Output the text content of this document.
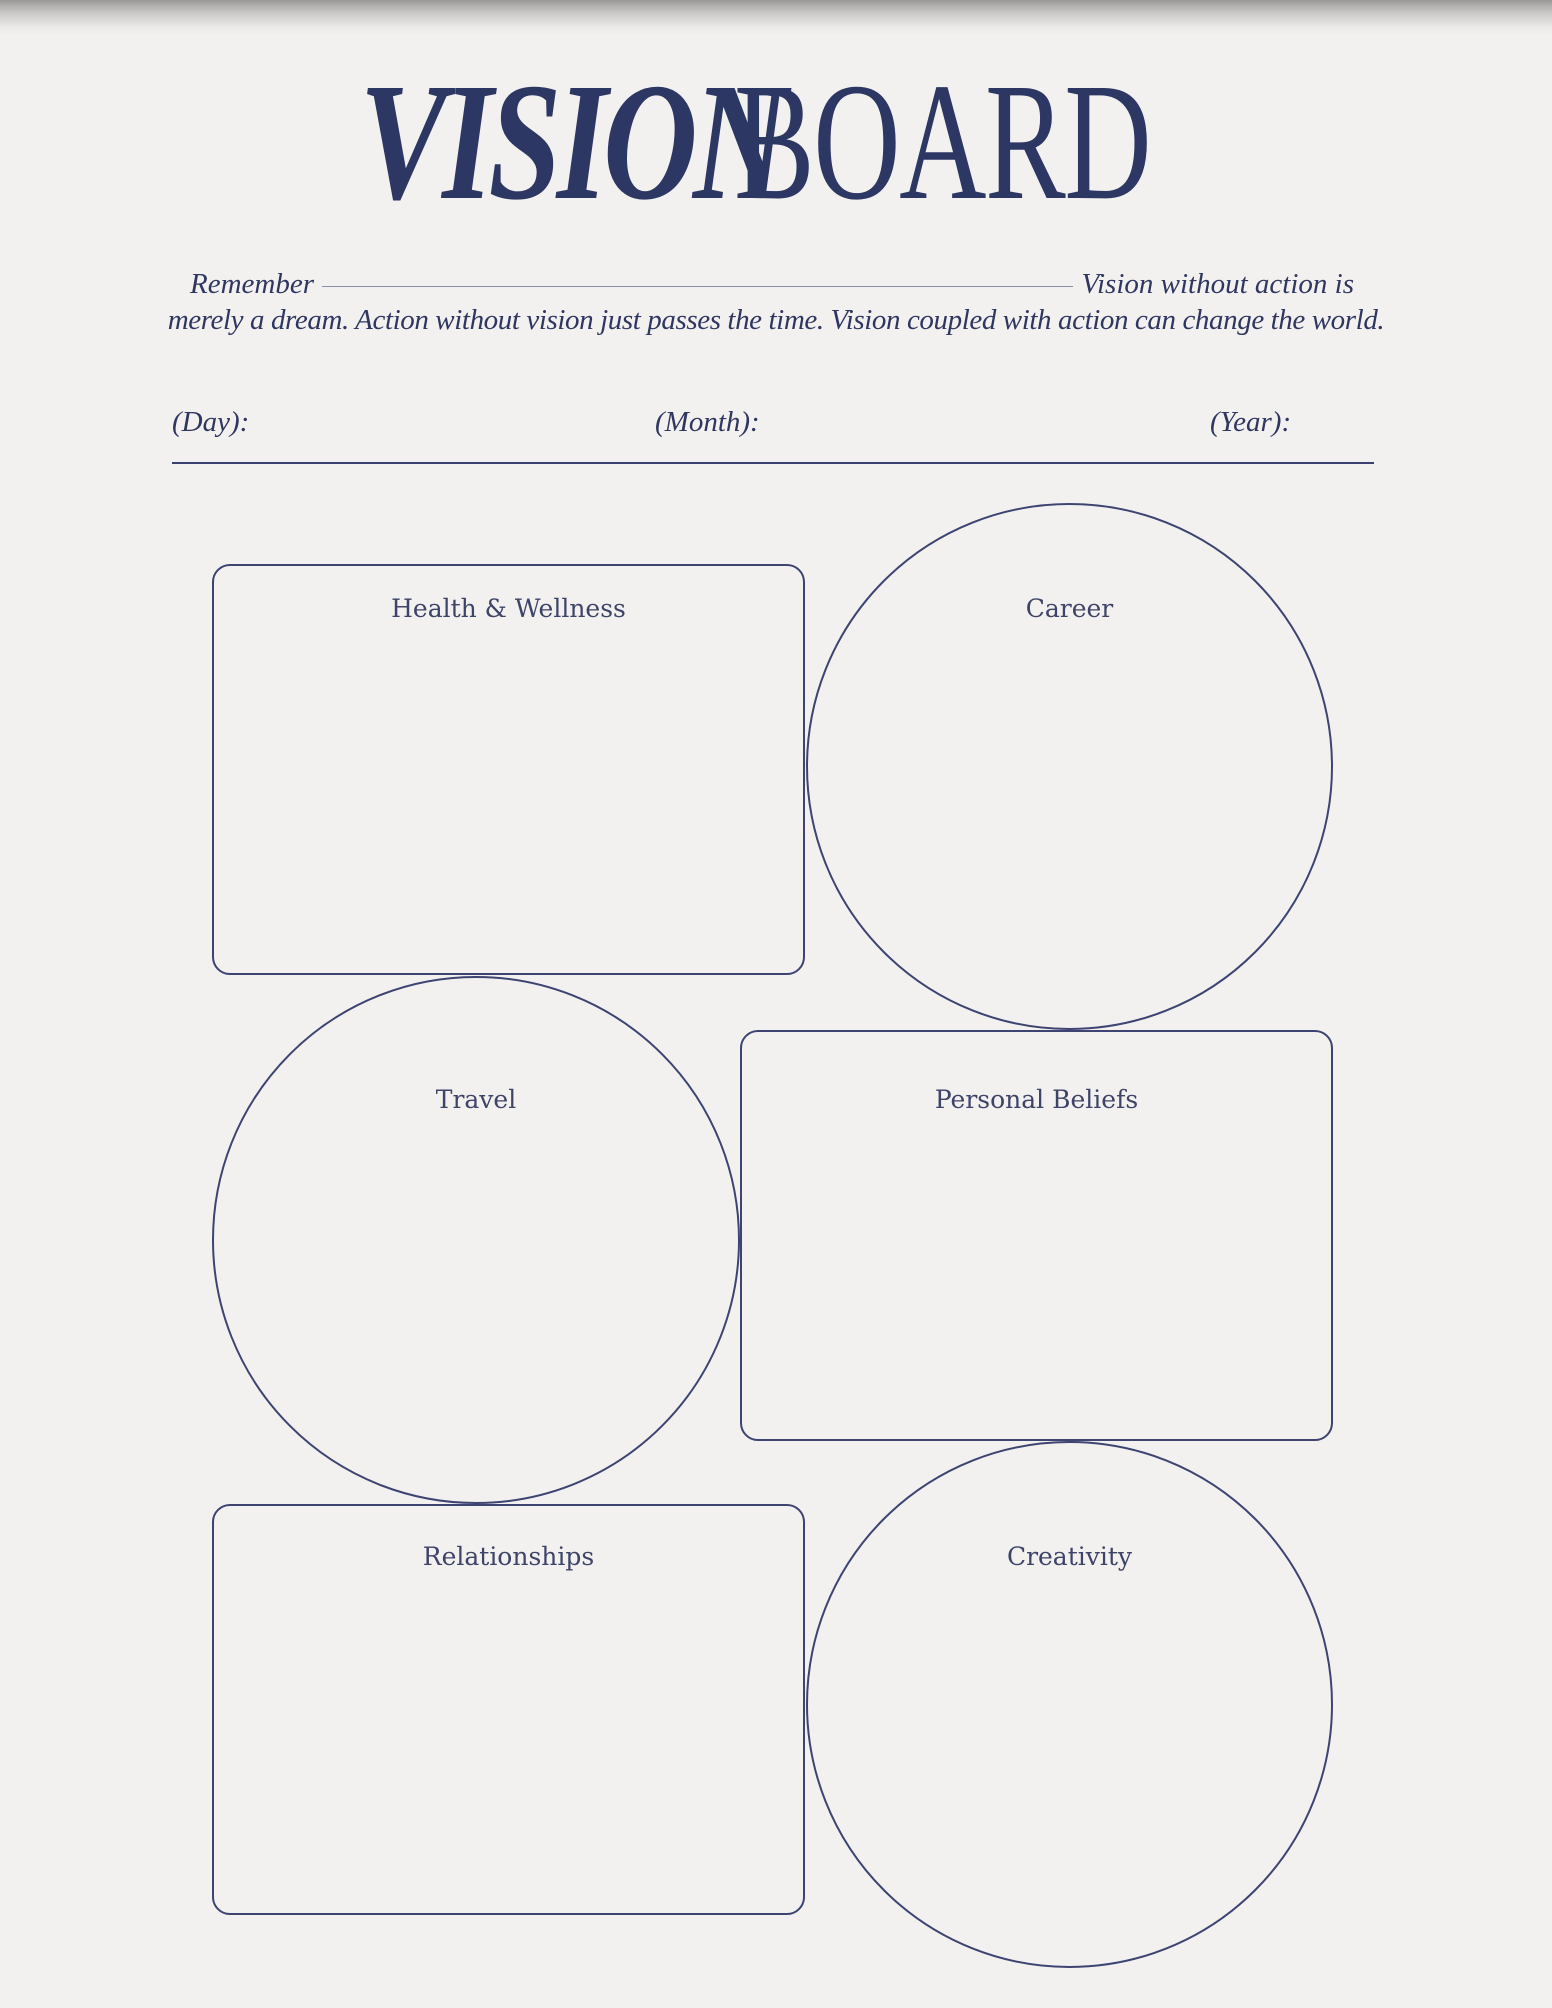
VISIONBOARD
Remember	Vision without action is
merely a dream. Action without vision just passes the time. Vision coupled with action can change the world.
(Day):	(Month):	(Year):
Health & Wellness	Career
Travel	Personal Beliefs
Relationships	Creativity
